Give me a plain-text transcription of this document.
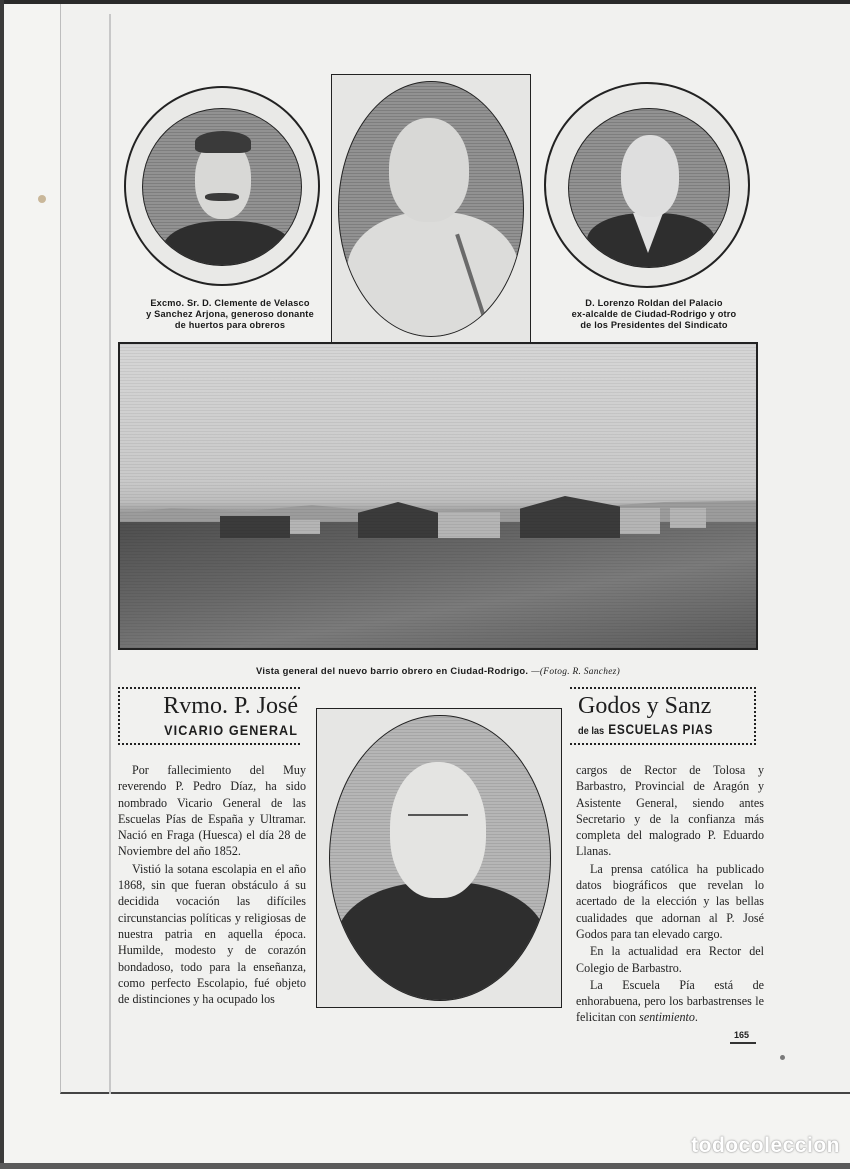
Excmo. Sr. D. Clemente de Velasco
y Sanchez Arjona, generoso donante
de huertos para obreros
D. Lorenzo Roldan del Palacio
ex-alcalde de Ciudad-Rodrigo y otro
de los Presidentes del Sindicato
Vista general del nuevo barrio obrero en Ciudad-Rodrigo. —(Fotog. R. Sanchez)
Rvmo. P. José
VICARIO GENERAL
Godos y Sanz
de las ESCUELAS PIAS

Por fallecimiento del Muy reverendo P. Pedro Díaz, ha sido nombrado Vicario General de las Escuelas Pías de España y Ultramar. Nació en Fraga (Huesca) el día 28 de Noviembre del año 1852.

Vistió la sotana escolapia en el año 1868, sin que fueran obstáculo á su decidida vocación las difíciles circunstancias políticas y religiosas de nuestra patria en aquella época. Humilde, modesto y de corazón bondadoso, todo para la enseñanza, como perfecto Escolapio, fué objeto de distinciones y ha ocupado los

cargos de Rector de Tolosa y Barbastro, Provincial de Aragón y Asistente General, siendo antes Secretario y de la confianza más completa del malogrado P. Eduardo Llanas.

La prensa católica ha publicado datos biográficos que revelan lo acertado de la elección y las bellas cualidades que adornan al P. José Godos para tan elevado cargo.

En la actualidad era Rector del Colegio de Barbastro.

La Escuela Pía está de enhorabuena, pero los barbastrenses le felicitan con sentimiento.

165
todocoleccion
